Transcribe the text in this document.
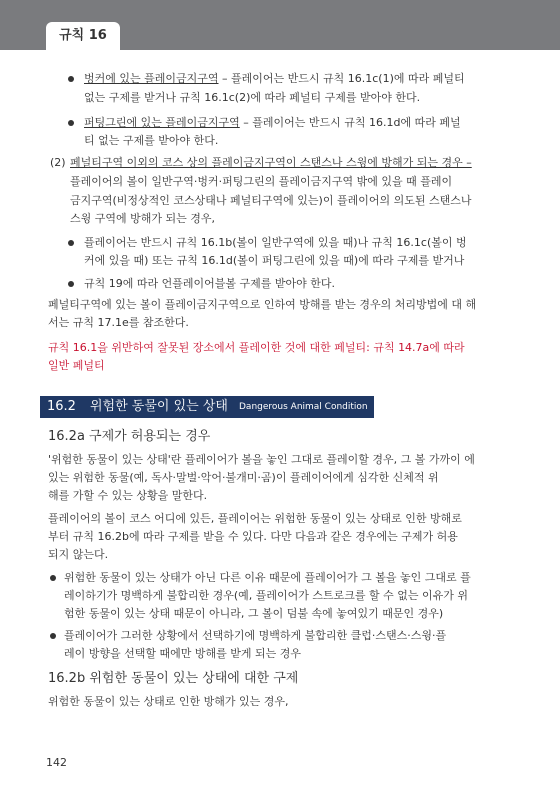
규칙 16
벙커에 있는 플레이금지구역 – 플레이어는 반드시 규칙 16.1c(1)에 따라 페널티
없는 구제를 받거나 규칙 16.1c(2)에 따라 페널티 구제를 받아야 한다.
퍼팅그린에 있는 플레이금지구역 – 플레이어는 반드시 규칙 16.1d에 따라 페널
티 없는 구제를 받아야 한다.
(2) 페널티구역 이외의 코스 상의 플레이금지구역이 스탠스나 스윙에 방해가 되는 경우 –
플레이어의 볼이 일반구역·벙커·퍼팅그린의 플레이금지구역 밖에 있을 때 플레이
금지구역(비정상적인 코스상태나 페널티구역에 있는)이 플레이어의 의도된 스탠스나
스윙 구역에 방해가 되는 경우,
플레이어는 반드시 규칙 16.1b(볼이 일반구역에 있을 때)나 규칙 16.1c(볼이 벙
커에 있을 때) 또는 규칙 16.1d(볼이 퍼팅그린에 있을 때)에 따라 구제를 받거나
규칙 19에 따라 언플레이어블볼 구제를 받아야 한다.
페널티구역에 있는 볼이 플레이금지구역으로 인하여 방해를 받는 경우의 처리방법에 대 해
서는 규칙 17.1e를 참조한다.
규칙 16.1을 위반하여 잘못된 장소에서 플레이한 것에 대한 페널티: 규칙 14.7a에 따라
일반 페널티
16.2 위험한 동물이 있는 상태 Dangerous Animal Condition
16.2a 구제가 허용되는 경우
'위험한 동물이 있는 상태'란 플레이어가 볼을 놓인 그대로 플레이할 경우, 그 볼 가까이 에
있는 위험한 동물(예, 독사·말벌·악어·불개미·곰)이 플레이어에게 심각한 신체적 위
해를 가할 수 있는 상황을 말한다.
플레이어의 볼이 코스 어디에 있든, 플레이어는 위험한 동물이 있는 상태로 인한 방해로
부터 규칙 16.2b에 따라 구제를 받을 수 있다. 다만 다음과 같은 경우에는 구제가 허용
되지 않는다.
위험한 동물이 있는 상태가 아닌 다른 이유 때문에 플레이어가 그 볼을 놓인 그대로 플
레이하기가 명백하게 불합리한 경우(예, 플레이어가 스트로크를 할 수 없는 이유가 위
험한 동물이 있는 상태 때문이 아니라, 그 볼이 덤불 속에 놓여있기 때문인 경우)
플레이어가 그러한 상황에서 선택하기에 명백하게 불합리한 클럽·스탠스·스윙·플
레이 방향을 선택할 때에만 방해를 받게 되는 경우
16.2b 위험한 동물이 있는 상태에 대한 구제
위험한 동물이 있는 상태로 인한 방해가 있는 경우,
142
